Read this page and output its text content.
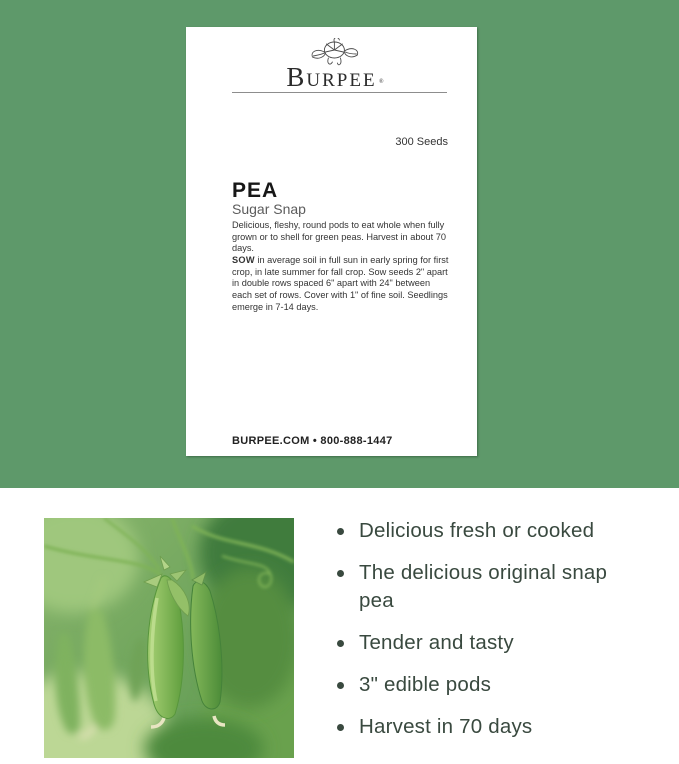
Burpee ®
300 Seeds
PEA
Sugar Snap

Delicious, fleshy, round pods to eat whole when fully grown or to shell for green peas. Harvest in about 70 days.

SOW in average soil in full sun in early spring for first crop, in late summer for fall crop. Sow seeds 2" apart in double rows spaced 6" apart with 24" between each set of rows. Cover with 1" of fine soil. Seedlings emerge in 7-14 days.

BURPEE.COM • 800-888-1447
Delicious fresh or cooked
The delicious original snap pea
Tender and tasty
3" edible pods
Harvest in 70 days
